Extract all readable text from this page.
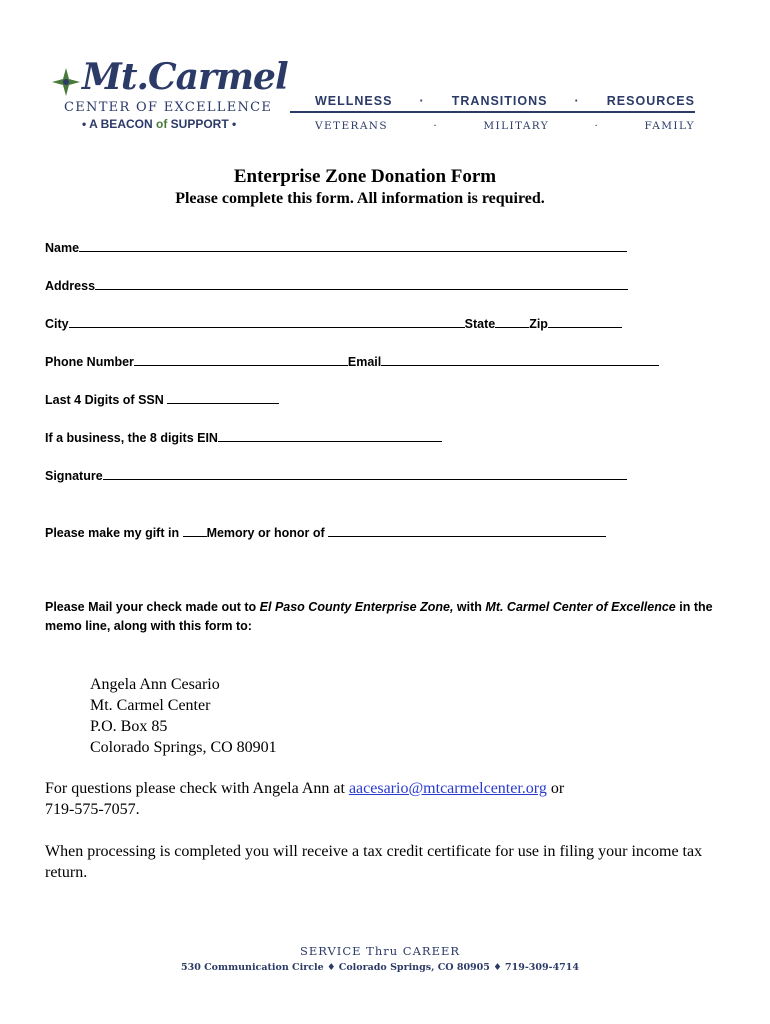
Mt.Carmel
CENTER OF EXCELLENCE
• A BEACON of SUPPORT •
WELLNESS · TRANSITIONS · RESOURCES
VETERANS	·	MILITARY	·	FAMILY
Enterprise Zone Donation Form
Please complete this form. All information is required.
Name
Address
City	State	Zip
Phone Number	Email
Last 4 Digits of SSN
If a business, the 8 digits EIN
Signature
Please make my gift in Memory or honor of
Please Mail your check made out to El Paso County Enterprise Zone, with Mt. Carmel Center of Excellence in the memo line, along with this form to:
Angela Ann Cesario
Mt. Carmel Center
P.O. Box 85
Colorado Springs, CO 80901
For questions please check with Angela Ann at aacesario@mtcarmelcenter.org or
719-575-7057.
When processing is completed you will receive a tax credit certificate for use in filing your income tax return.
SERVICE Thru CAREER
530 Communication Circle ♦ Colorado Springs, CO 80905 ♦ 719-309-4714
